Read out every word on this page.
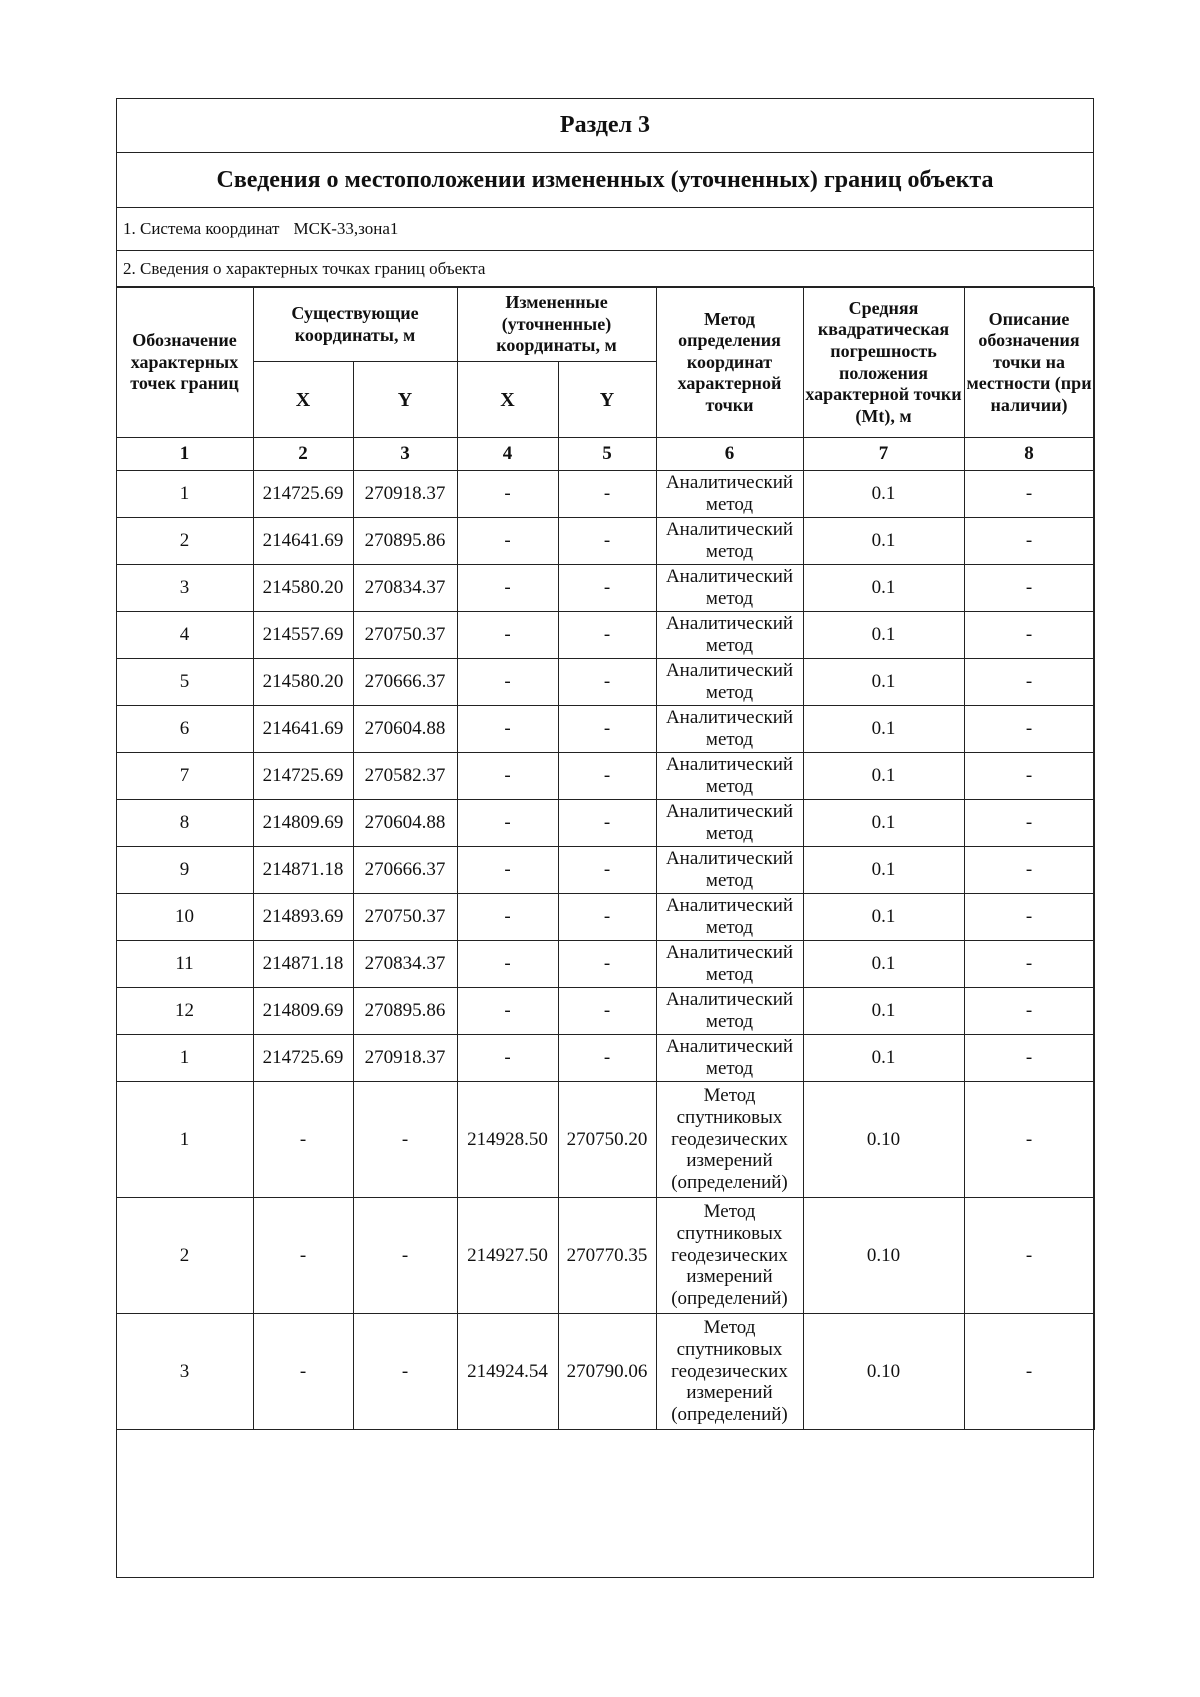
Раздел 3
Сведения о местоположении измененных (уточненных) границ объекта
1. Система координат МСК-33,зона1
2. Сведения о характерных точках границ объекта
Обозначение характерных точек границ	Существующие координаты, м		Измененные (уточненные) координаты, м		Метод определения координат характерной точки	Средняя квадратическая погрешность положения характерной точки (Mt), м	Описание обозначения точки на местности (при наличии)
	X	Y	X	Y			
1	2	3	4	5	6	7	8
1	214725.69	270918.37	-	-	Аналитический метод	0.1	-
2	214641.69	270895.86	-	-	Аналитический метод	0.1	-
3	214580.20	270834.37	-	-	Аналитический метод	0.1	-
4	214557.69	270750.37	-	-	Аналитический метод	0.1	-
5	214580.20	270666.37	-	-	Аналитический метод	0.1	-
6	214641.69	270604.88	-	-	Аналитический метод	0.1	-
7	214725.69	270582.37	-	-	Аналитический метод	0.1	-
8	214809.69	270604.88	-	-	Аналитический метод	0.1	-
9	214871.18	270666.37	-	-	Аналитический метод	0.1	-
10	214893.69	270750.37	-	-	Аналитический метод	0.1	-
11	214871.18	270834.37	-	-	Аналитический метод	0.1	-
12	214809.69	270895.86	-	-	Аналитический метод	0.1	-
1	214725.69	270918.37	-	-	Аналитический метод	0.1	-
1	-	-	214928.50	270750.20	Метод спутниковых геодезических измерений (определений)	0.10	-
2	-	-	214927.50	270770.35	Метод спутниковых геодезических измерений (определений)	0.10	-
3	-	-	214924.54	270790.06	Метод спутниковых геодезических измерений (определений)	0.10	-
